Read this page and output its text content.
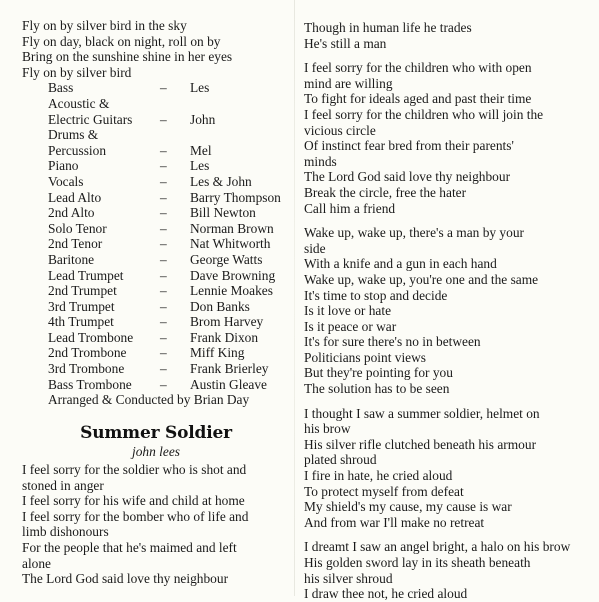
Fly on by silver bird in the sky
Fly on day, black on night, roll on by
Bring on the sunshine shine in her eyes
Fly on by silver bird
Bass	–	Les
Acoustic &
Electric Guitars	–	John
Drums &
Percussion	–	Mel
Piano	–	Les
Vocals	–	Les & John
Lead Alto	–	Barry Thompson
2nd Alto	–	Bill Newton
Solo Tenor	–	Norman Brown
2nd Tenor	–	Nat Whitworth
Baritone	–	George Watts
Lead Trumpet	–	Dave Browning
2nd Trumpet	–	Lennie Moakes
3rd Trumpet	–	Don Banks
4th Trumpet	–	Brom Harvey
Lead Trombone	–	Frank Dixon
2nd Trombone	–	Miff King
3rd Trombone	–	Frank Brierley
Bass Trombone	–	Austin Gleave
Arranged & Conducted by Brian Day
Summer Soldier
john lees
I feel sorry for the soldier who is shot and
stoned in anger
I feel sorry for his wife and child at home
I feel sorry for the bomber who of life and
limb dishonours
For the people that he's maimed and left
alone
The Lord God said love thy neighbour
Though in human life he trades
He's still a man
I feel sorry for the children who with open
mind are willing
To fight for ideals aged and past their time
I feel sorry for the children who will join the
vicious circle
Of instinct fear bred from their parents'
minds
The Lord God said love thy neighbour
Break the circle, free the hater
Call him a friend
Wake up, wake up, there's a man by your
side
With a knife and a gun in each hand
Wake up, wake up, you're one and the same
It's time to stop and decide
Is it love or hate
Is it peace or war
It's for sure there's no in between
Politicians point views
But they're pointing for you
The solution has to be seen
I thought I saw a summer soldier, helmet on
his brow
His silver rifle clutched beneath his armour
plated shroud
I fire in hate, he cried aloud
To protect myself from defeat
My shield's my cause, my cause is war
And from war I'll make no retreat
I dreamt I saw an angel bright, a halo on his brow
His golden sword lay in its sheath beneath
his silver shroud
I draw thee not, he cried aloud
